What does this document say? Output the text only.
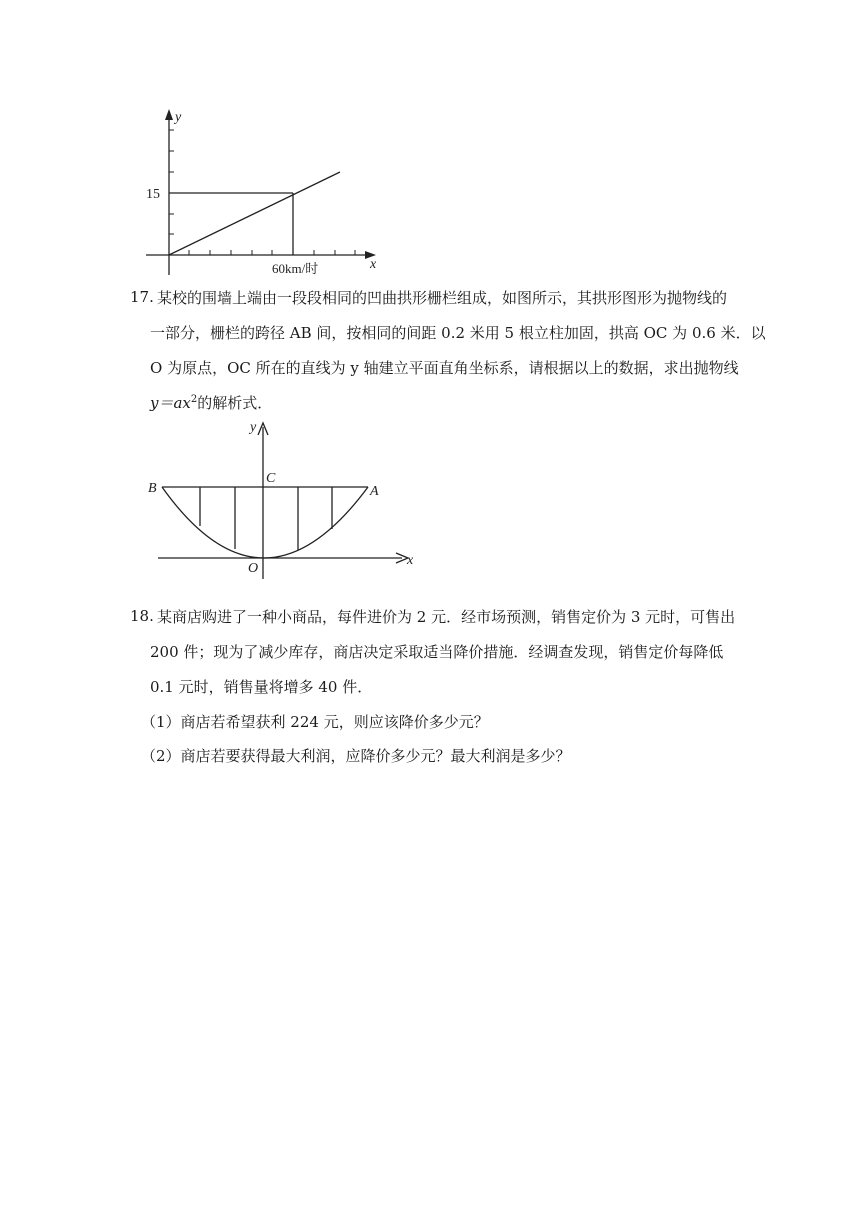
y
x
15
60km/时
17. 某校的围墙上端由一段段相同的凹曲拱形栅栏组成，如图所示，其拱形图形为抛物线的
一部分，栅栏的跨径 AB 间，按相同的间距 0.2 米用 5 根立柱加固，拱高 OC 为 0.6 米．以
O 为原点，OC 所在的直线为 y 轴建立平面直角坐标系，请根据以上的数据，求出抛物线
$y=ax^2$的解析式．
y
x
B
C
A
O
18. 某商店购进了一种小商品，每件进价为 2 元．经市场预测，销售定价为 3 元时，可售出
200 件；现为了减少库存，商店决定采取适当降价措施．经调查发现，销售定价每降低
0.1 元时，销售量将增多 40 件．
（1）商店若希望获利 224 元，则应该降价多少元？
（2）商店若要获得最大利润，应降价多少元？最大利润是多少？
